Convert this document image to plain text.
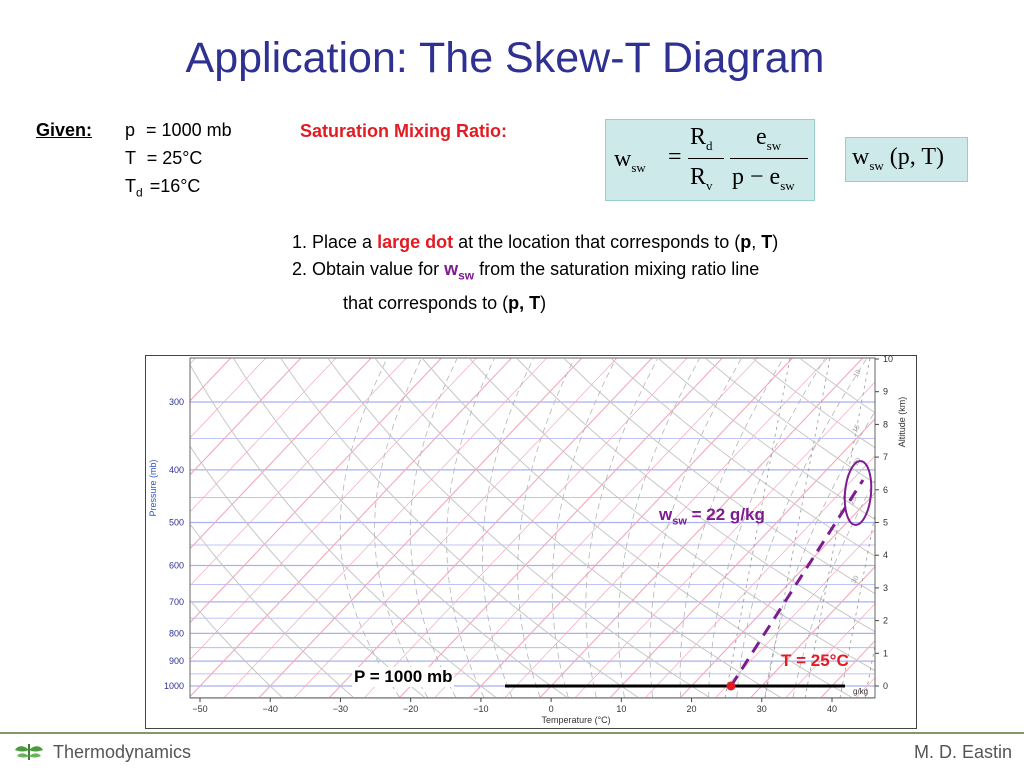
Application: The Skew-T Diagram
Given: p = 1000 mb
T = 25°C
$T_d =16^\circ C$
Saturation Mixing Ratio:
$w_{sw}$ =
$R_d$
$R_v$
$e_{sw}$
$p - e_{sw}$
$w_{sw}$ (p, T)
1. Place a large dot at the location that corresponds to (p, T)
2. Obtain value for $w_{sw}$ from the saturation mixing ratio line
that corresponds to (p, T)
300
400
500
600
700
800
900
1000
Pressure (mb)
−50	−40	−30	−20	−10	0	10	20	30	40
Temperature (°C)
0
1
2
3
4
5
6
7
8
9
10
Altitude (km)
g/kg
10
15
20
25
30
$w_{sw} = 22$ g/kg
T = 25°C
P = 1000 mb
Thermodynamics	M. D. Eastin
